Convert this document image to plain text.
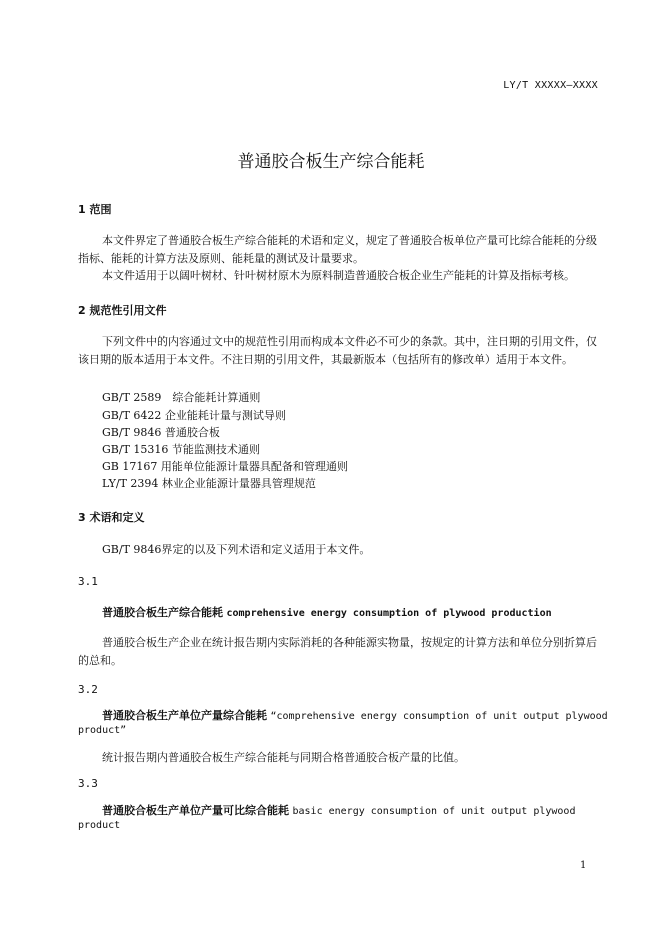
LY/T XXXXX—XXXX
普通胶合板生产综合能耗
1 范围
本文件界定了普通胶合板生产综合能耗的术语和定义，规定了普通胶合板单位产量可比综合能耗的分级指标、能耗的计算方法及原则、能耗量的测试及计量要求。
本文件适用于以阔叶树材、针叶树材原木为原料制造普通胶合板企业生产能耗的计算及指标考核。
2 规范性引用文件
下列文件中的内容通过文中的规范性引用而构成本文件必不可少的条款。其中，注日期的引用文件，仅该日期的版本适用于本文件。不注日期的引用文件，其最新版本（包括所有的修改单）适用于本文件。
GB/T 2589　综合能耗计算通则
GB/T 6422 企业能耗计量与测试导则
GB/T 9846 普通胶合板
GB/T 15316 节能监测技术通则
GB 17167 用能单位能源计量器具配备和管理通则
LY/T 2394 林业企业能源计量器具管理规范
3 术语和定义
GB/T 9846界定的以及下列术语和定义适用于本文件。
3.1
普通胶合板生产综合能耗 comprehensive energy consumption of plywood production
普通胶合板生产企业在统计报告期内实际消耗的各种能源实物量，按规定的计算方法和单位分别折算后的总和。
3.2
普通胶合板生产单位产量综合能耗 “comprehensive energy consumption of unit output plywood
product”
统计报告期内普通胶合板生产综合能耗与同期合格普通胶合板产量的比值。
3.3
普通胶合板生产单位产量可比综合能耗 basic energy consumption of unit output plywood
product
1
